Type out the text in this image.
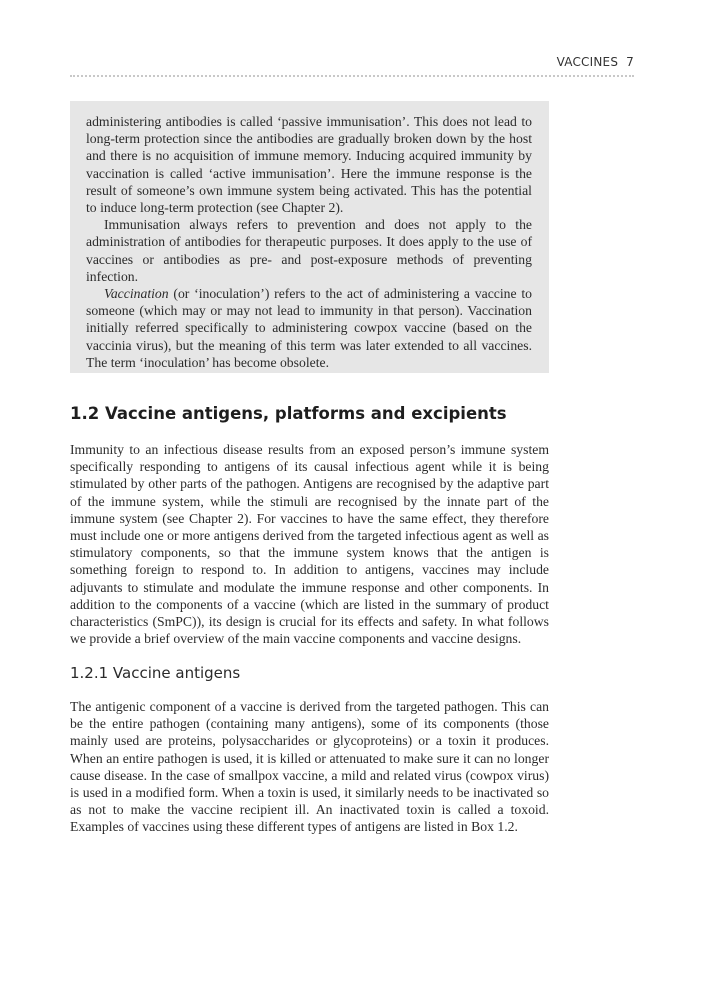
VACCINES 7

administering antibodies is called ‘passive immunisation’. This does not lead to long-term protection since the antibodies are gradually broken down by the host and there is no acquisition of immune memory. Inducing acquired immunity by vaccination is called ‘active immunisation’. Here the immune response is the result of someone’s own immune system being activated. This has the potential to induce long-term protection (see Chapter 2).

Immunisation always refers to prevention and does not apply to the administration of antibodies for therapeutic purposes. It does apply to the use of vaccines or antibodies as pre- and post-exposure methods of preventing infection.

Vaccination (or ‘inoculation’) refers to the act of administering a vaccine to someone (which may or may not lead to immunity in that person). Vaccination initially referred specifically to administering cowpox vaccine (based on the vaccinia virus), but the meaning of this term was later extended to all vaccines. The term ‘inoculation’ has become obsolete.

1.2 Vaccine antigens, platforms and excipients

Immunity to an infectious disease results from an exposed person’s immune system specifically responding to antigens of its causal infectious agent while it is being stimulated by other parts of the pathogen. Antigens are recognised by the adaptive part of the immune system, while the stimuli are recognised by the innate part of the immune system (see Chapter 2). For vaccines to have the same effect, they therefore must include one or more antigens derived from the targeted infectious agent as well as stimulatory components, so that the immune system knows that the antigen is something foreign to respond to. In addition to antigens, vaccines may include adjuvants to stimulate and modulate the immune response and other components. In addition to the components of a vaccine (which are listed in the summary of product characteristics (SmPC)), its design is crucial for its effects and safety. In what follows we provide a brief overview of the main vaccine components and vaccine designs.

1.2.1 Vaccine antigens

The antigenic component of a vaccine is derived from the targeted pathogen. This can be the entire pathogen (containing many antigens), some of its components (those mainly used are proteins, polysaccharides or glycoproteins) or a toxin it produces. When an entire pathogen is used, it is killed or attenuated to make sure it can no longer cause disease. In the case of smallpox vaccine, a mild and related virus (cowpox virus) is used in a modified form. When a toxin is used, it similarly needs to be inactivated so as not to make the vaccine recipient ill. An inactivated toxin is called a toxoid. Examples of vaccines using these different types of antigens are listed in Box 1.2.
